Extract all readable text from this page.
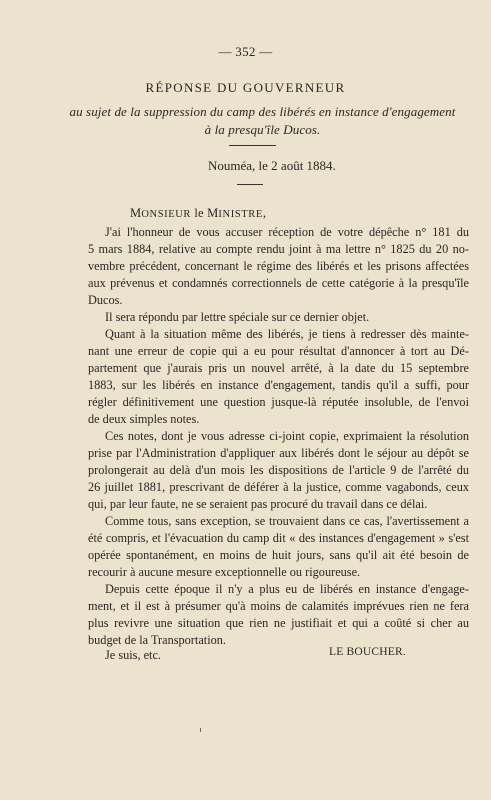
— 352 —

RÉPONSE DU GOUVERNEUR

au sujet de la suppression du camp des libérés en instance d'engagement

à la presqu'île Ducos.

Nouméa, le 2 août 1884.

MONSIEUR le MINISTRE,

J'ai l'honneur de vous accuser réception de votre dépêche n° 181 du

5 mars 1884, relative au compte rendu joint à ma lettre n° 1825 du 20 no-

vembre précédent, concernant le régime des libérés et les prisons affectées

aux prévenus et condamnés correctionnels de cette catégorie à la presqu'île

Ducos.

Il sera répondu par lettre spéciale sur ce dernier objet.

Quant à la situation même des libérés, je tiens à redresser dès mainte-

nant une erreur de copie qui a eu pour résultat d'annoncer à tort au Dé-

partement que j'aurais pris un nouvel arrêté, à la date du 15 septembre

1883, sur les libérés en instance d'engagement, tandis qu'il a suffi, pour

régler définitivement une question jusque-là réputée insoluble, de l'envoi

de deux simples notes.

Ces notes, dont je vous adresse ci-joint copie, exprimaient la résolution

prise par l'Administration d'appliquer aux libérés dont le séjour au dépôt se

prolongerait au delà d'un mois les dispositions de l'article 9 de l'arrêté du

26 juillet 1881, prescrivant de déférer à la justice, comme vagabonds, ceux

qui, par leur faute, ne se seraient pas procuré du travail dans ce délai.

Comme tous, sans exception, se trouvaient dans ce cas, l'avertissement a

été compris, et l'évacuation du camp dit « des instances d'engagement » s'est

opérée spontanément, en moins de huit jours, sans qu'il ait été besoin de

recourir à aucune mesure exceptionnelle ou rigoureuse.

Depuis cette époque il n'y a plus eu de libérés en instance d'engage-

ment, et il est à présumer qu'à moins de calamités imprévues rien ne fera

plus revivre une situation que rien ne justifiait et qui a coûté si cher au

budget de la Transportation.

Je suis, etc.	LE BOUCHER.
